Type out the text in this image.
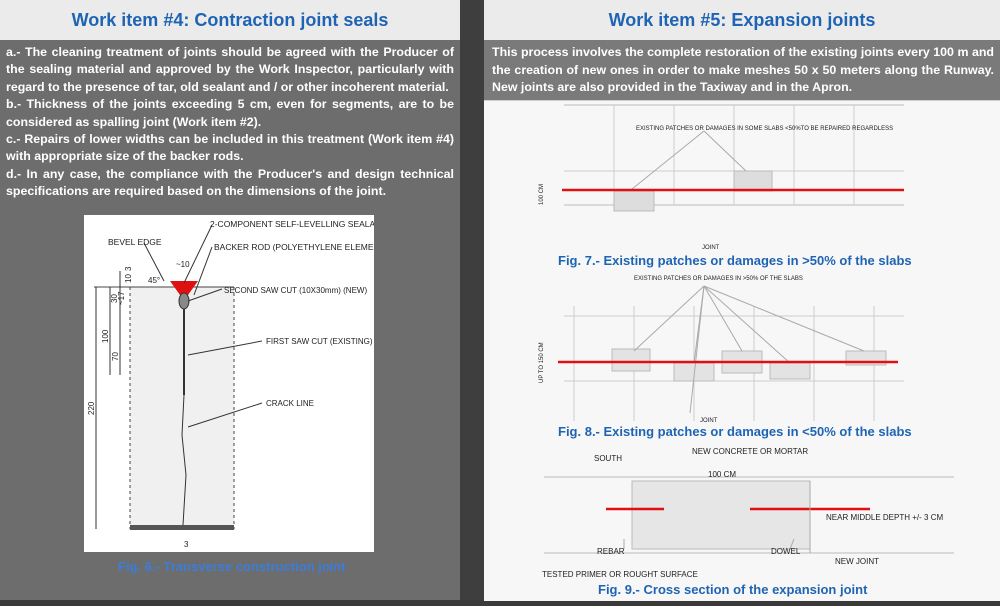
Work item #4: Contraction joint seals

a.- The cleaning treatment of joints should be agreed with the Producer of the sealing material and approved by the Work Inspector, particularly with regard to the presence of tar, old sealant and / or other incoherent material.

b.- Thickness of the joints exceeding 5 cm, even for segments, are to be considered as spalling joint (Work item #2).

c.- Repairs of lower widths can be included in this treatment (Work item #4) with appropriate size of the backer rods.

d.- In any case, the compliance with the Producer's and design technical specifications are required based on the dimensions of the joint.

2-COMPONENT SELF-LEVELLING SEALANT
BEVEL EDGE	BACKER ROD (POLYETHYLENE ELEMENT)
SECOND SAW CUT (10X30mm) (NEW)
FIRST SAW CUT (EXISTING)
CRACK LINE
~10
45°
3
3
10
~17
30
100
70
220
Fig. 6.- Transverse construction joint
Work item #5: Expansion joints
This process involves the complete restoration of the existing joints every 100 m and the creation of new ones in order to make meshes 50 x 50 meters along the Runway. New joints are also provided in the Taxiway and in the Apron.
EXISTING PATCHES OR DAMAGES IN SOME SLABS <50%TO BE REPAIRED REGARDLESS
JOINT
100 CM
EXISTING PATCHES OR DAMAGES IN >50% OF THE SLABS
JOINT
UP TO 150 CM
SOUTH
NEW CONCRETE OR MORTAR
100 CM
NEAR MIDDLE DEPTH +/- 3 CM
REBAR	DOWEL
NEW JOINT
TESTED PRIMER OR ROUGHT SURFACE
Fig. 7.- Existing patches or damages in >50% of the slabs
Fig. 8.- Existing patches or damages in <50% of the slabs
Fig. 9.- Cross section of the expansion joint
